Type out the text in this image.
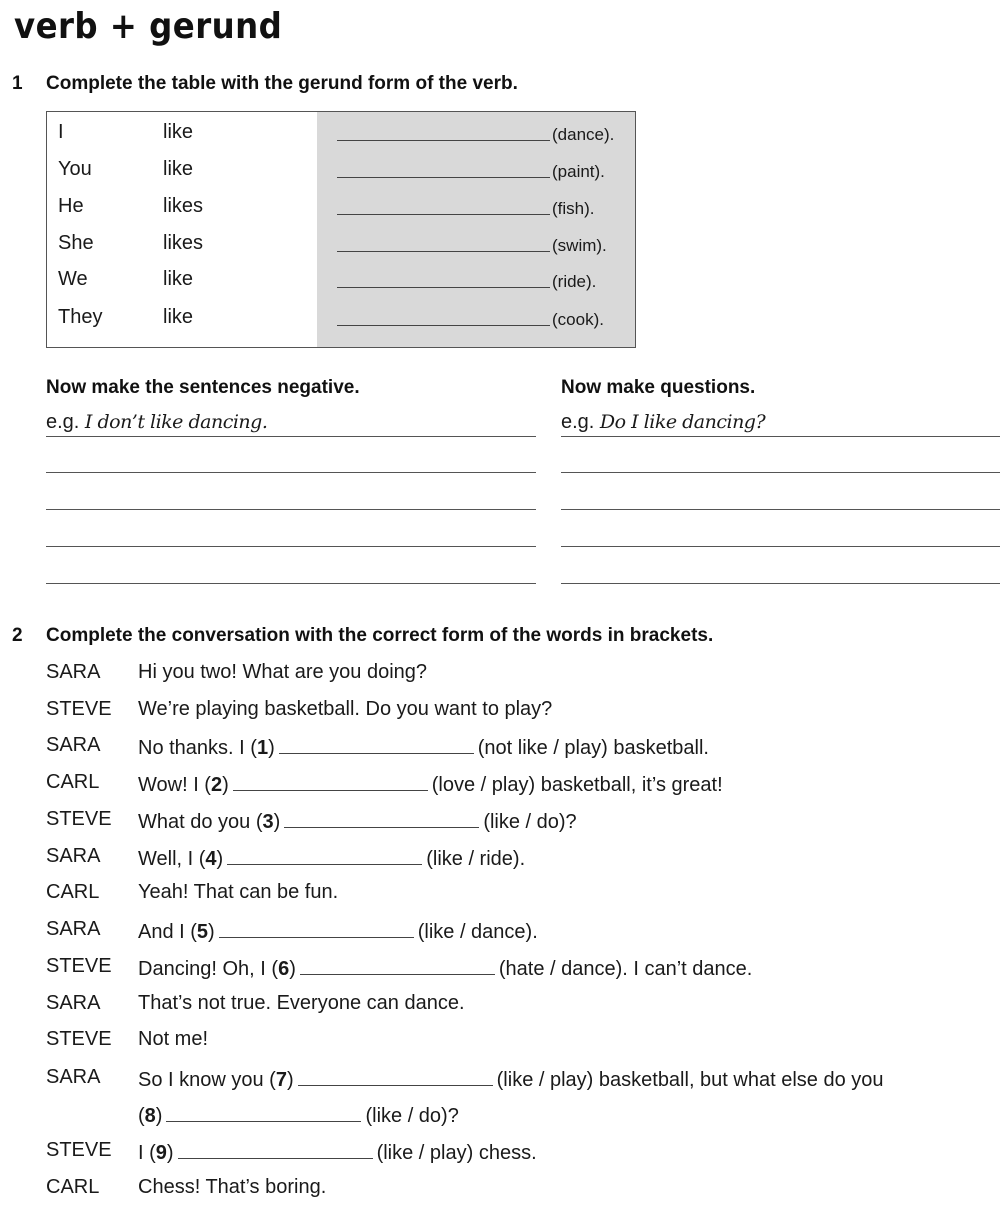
verb + gerund
1 Complete the table with the gerund form of the verb.
I	like	(dance).
You	like	(paint).
He	likes	(fish).
She	likes	(swim).
We	like	(ride).
They	like	(cook).
Now make the sentences negative.
e.g. I don’t like dancing.
Now make questions.
e.g. Do I like dancing?
2 Complete the conversation with the correct form of the words in brackets.
SARA	Hi you two! What are you doing?
STEVE	We’re playing basketball. Do you want to play?
SARA	No thanks. I (1)	(not like / play) basketball.
CARL	Wow! I (2)	(love / play) basketball, it’s great!
STEVE	What do you (3)	(like / do)?
SARA	Well, I (4)	(like / ride).
CARL	Yeah! That can be fun.
SARA	And I (5)	(like / dance).
STEVE	Dancing! Oh, I (6)	(hate / dance). I can’t dance.
SARA	That’s not true. Everyone can dance.
STEVE	Not me!
SARA	So I know you (7)	(like / play) basketball, but what else do you
(8)	(like / do)?
STEVE	I (9)	(like / play) chess.
CARL	Chess! That’s boring.
